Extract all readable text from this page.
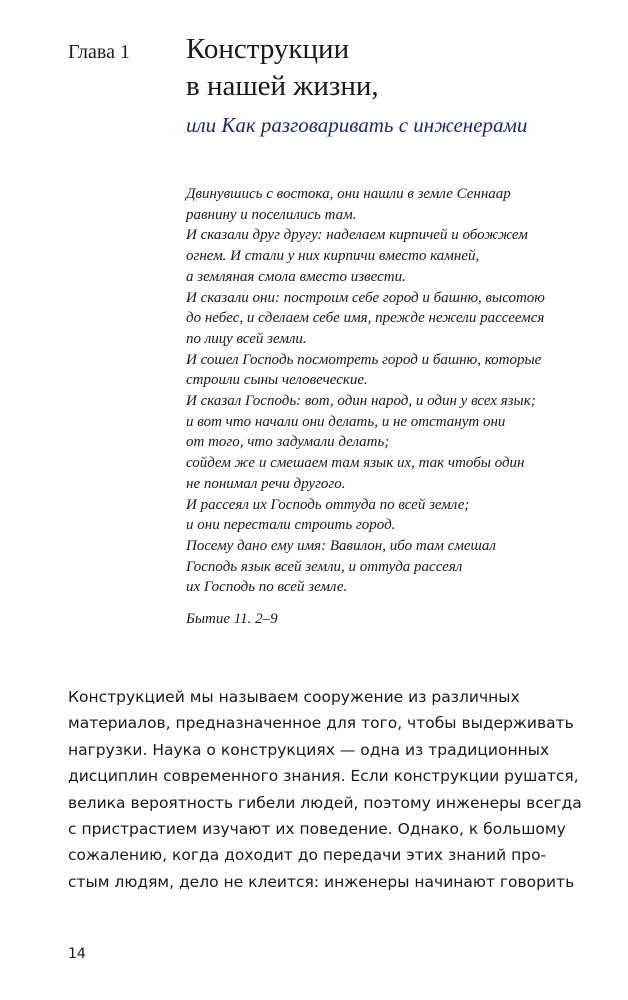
Глава 1 Конструкции
в нашей жизни,
или Как разговаривать с инженерами
Двинувшись с востока, они нашли в земле Сеннаар
равнину и поселились там.
И сказали друг другу: наделаем кирпичей и обожжем
огнем. И стали у них кирпичи вместо камней,
а земляная смола вместо извести.
И сказали они: построим себе город и башню, высотою
до небес, и сделаем себе имя, прежде нежели рассеемся
по лицу всей земли.
И сошел Господь посмотреть город и башню, которые
строили сыны человеческие.
И сказал Господь: вот, один народ, и один у всех язык;
и вот что начали они делать, и не отстанут они
от того, что задумали делать;
сойдем же и смешаем там язык их, так чтобы один
не понимал речи другого.
И рассеял их Господь оттуда по всей земле;
и они перестали строить город.
Посему дано ему имя: Вавилон, ибо там смешал
Господь язык всей земли, и оттуда рассеял
их Господь по всей земле.
Бытие 11. 2–9
Конструкцией мы называем сооружение из различных
материалов, предназначенное для того, чтобы выдерживать
нагрузки. Наука о конструкциях — одна из традиционных
дисциплин современного знания. Если конструкции рушатся,
велика вероятность гибели людей, поэтому инженеры всегда
с пристрастием изучают их поведение. Однако, к большому
сожалению, когда доходит до передачи этих знаний про-
стым людям, дело не клеится: инженеры начинают говорить
14
